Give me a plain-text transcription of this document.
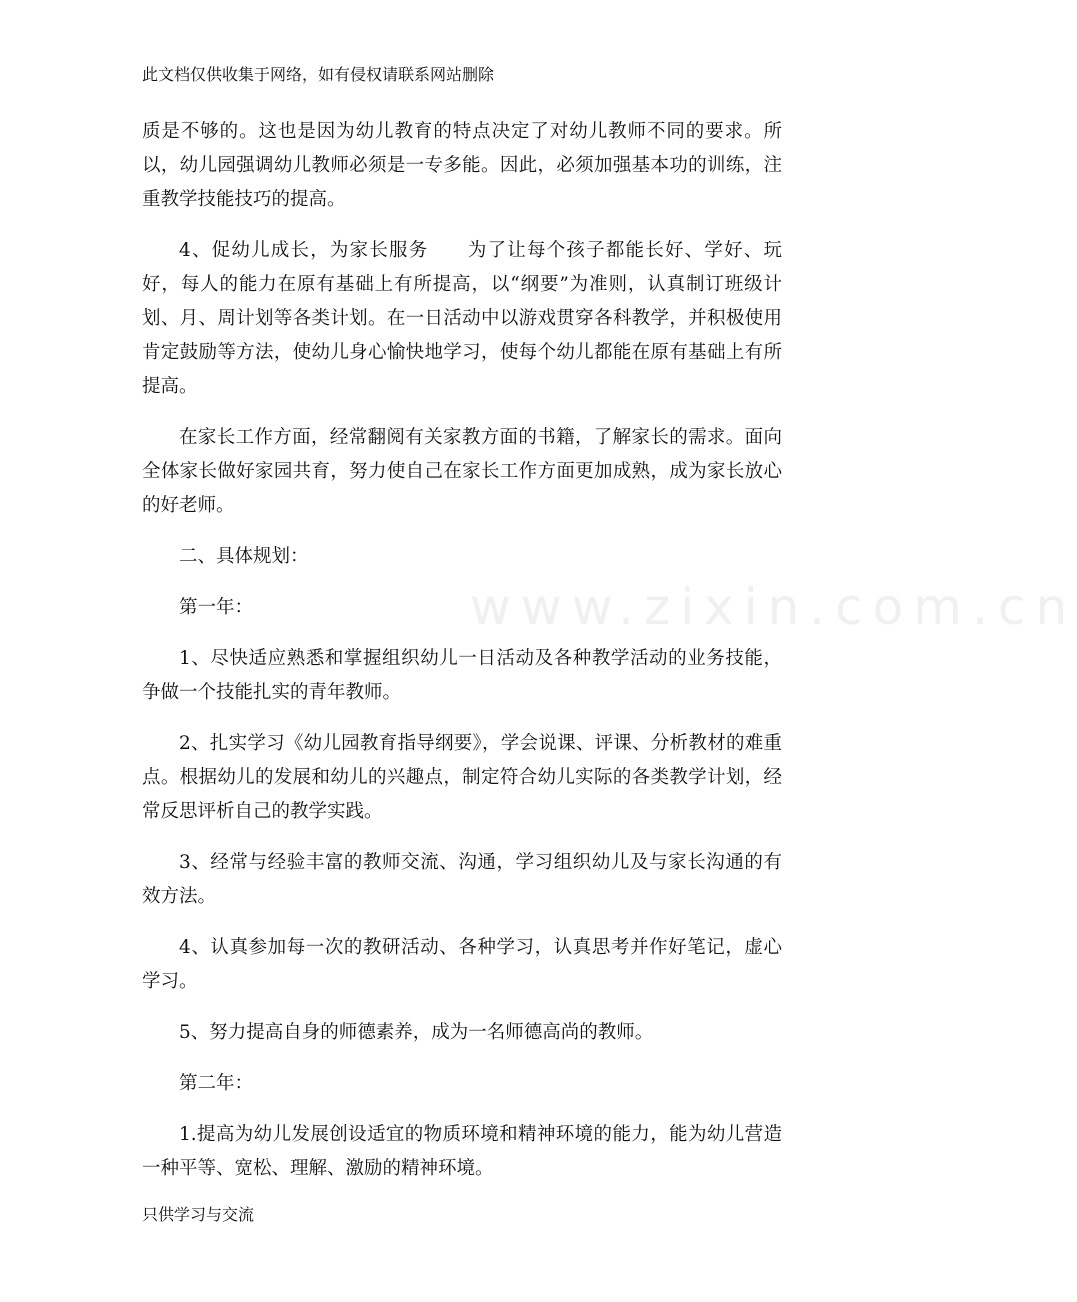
www.zixin.com.cn
此文档仅供收集于网络，如有侵权请联系网站删除

质是不够的。这也是因为幼儿教育的特点决定了对幼儿教师不同的要求。所以，幼儿园强调幼儿教师必须是一专多能。因此，必须加强基本功的训练，注重教学技能技巧的提高。

4、促幼儿成长，为家长服务　　为了让每个孩子都能长好、学好、玩好，每人的能力在原有基础上有所提高，以“纲要”为准则，认真制订班级计划、月、周计划等各类计划。在一日活动中以游戏贯穿各科教学，并积极使用肯定鼓励等方法，使幼儿身心愉快地学习，使每个幼儿都能在原有基础上有所提高。

在家长工作方面，经常翻阅有关家教方面的书籍，了解家长的需求。面向全体家长做好家园共育，努力使自己在家长工作方面更加成熟，成为家长放心的好老师。

二、具体规划：

第一年：

1、尽快适应熟悉和掌握组织幼儿一日活动及各种教学活动的业务技能，争做一个技能扎实的青年教师。

2、扎实学习《幼儿园教育指导纲要》，学会说课、评课、分析教材的难重点。根据幼儿的发展和幼儿的兴趣点，制定符合幼儿实际的各类教学计划，经常反思评析自己的教学实践。

3、经常与经验丰富的教师交流、沟通，学习组织幼儿及与家长沟通的有效方法。

4、认真参加每一次的教研活动、各种学习，认真思考并作好笔记，虚心学习。

5、努力提高自身的师德素养，成为一名师德高尚的教师。

第二年：

1.提高为幼儿发展创设适宜的物质环境和精神环境的能力，能为幼儿营造一种平等、宽松、理解、激励的精神环境。

只供学习与交流
